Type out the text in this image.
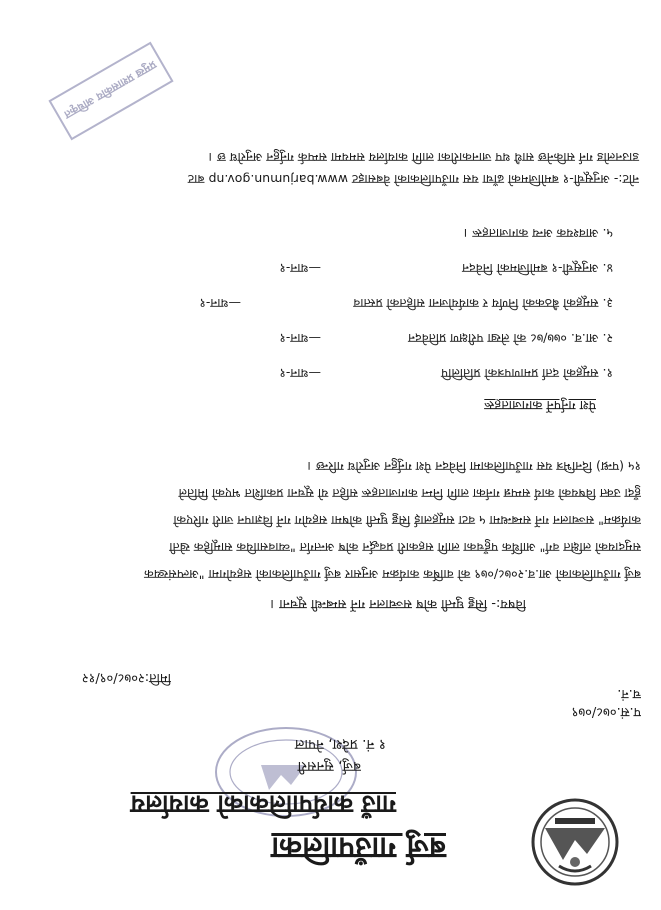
बर्जु गाउँपालिका
गाउँ कार्यपालिकाको कार्यालय
बर्जु, सुनसरी
१ नं. प्रदेश, नेपाल
प.सं.०७८/०७९
च.नं.
मिति:२०७८/०९/१२
विषय:- सिड्ड घुम्ती कोष सञ्चालन गर्ने सम्बन्धी सूचना ।
बर्जु गाउँपालिकाको आ.व.२०७८/०७९ को वार्षिक कार्यक्रम अनुसार बर्जु गाउँपालिकाको सहयोगमा "अल्पसंख्यक
समुदायको लक्षित वर्ग" आर्थिक पहुँचका लागि सहकारी प्रवर्द्धन कोष अन्तर्गत "व्यावसायिक सामूहिक खेती
कार्यक्रम" सञ्चालन गर्ने सम्बन्धमा ५ वटा समूहलाई सिड्ड घुम्ती कोषमा सहयोग गर्ने विज्ञापन जारी गरिएको
हुँदा उक्त विषयको कार्य सम्पन्न गर्नका लागि निम्न कागजातहरू सहित यो सूचना प्रकाशित भएको मितिले
१५ (पन्ध्र) दिनभित्र यस गाउँपालिकामा निवेदन पेश गर्नुहुन अनुरोध गरिन्छ ।
पेश गर्नुपर्ने कागजातहरू
१. समूहको दर्ता प्रमाणपत्रको प्रतिलिपि
—थान-१
२. आ.व. ०७७/७८ को लेखा परीक्षण प्रतिवेदन
—थान-१
३. समूहको बैठकको निर्णय र कार्ययोजना सहितको प्रस्ताव
—थान-१
४. अनुसूची-१ बमोजिमको निवेदन
—थान-१
५. आवश्यक अन्य कागजातहरू ।
नोट:- अनुसूची-१ बमोजिमको ढाँचा यस गाउँपालिकाको वेबसाइट www.barjumun.gov.np बाट
डाउनलोड गर्न सकिनेछ साथै थप जानकारीका लागि कार्यालय समयमा सम्पर्क गर्नुहुन अनुरोध छ ।
प्रमुख प्रशासकीय अधिकृत
